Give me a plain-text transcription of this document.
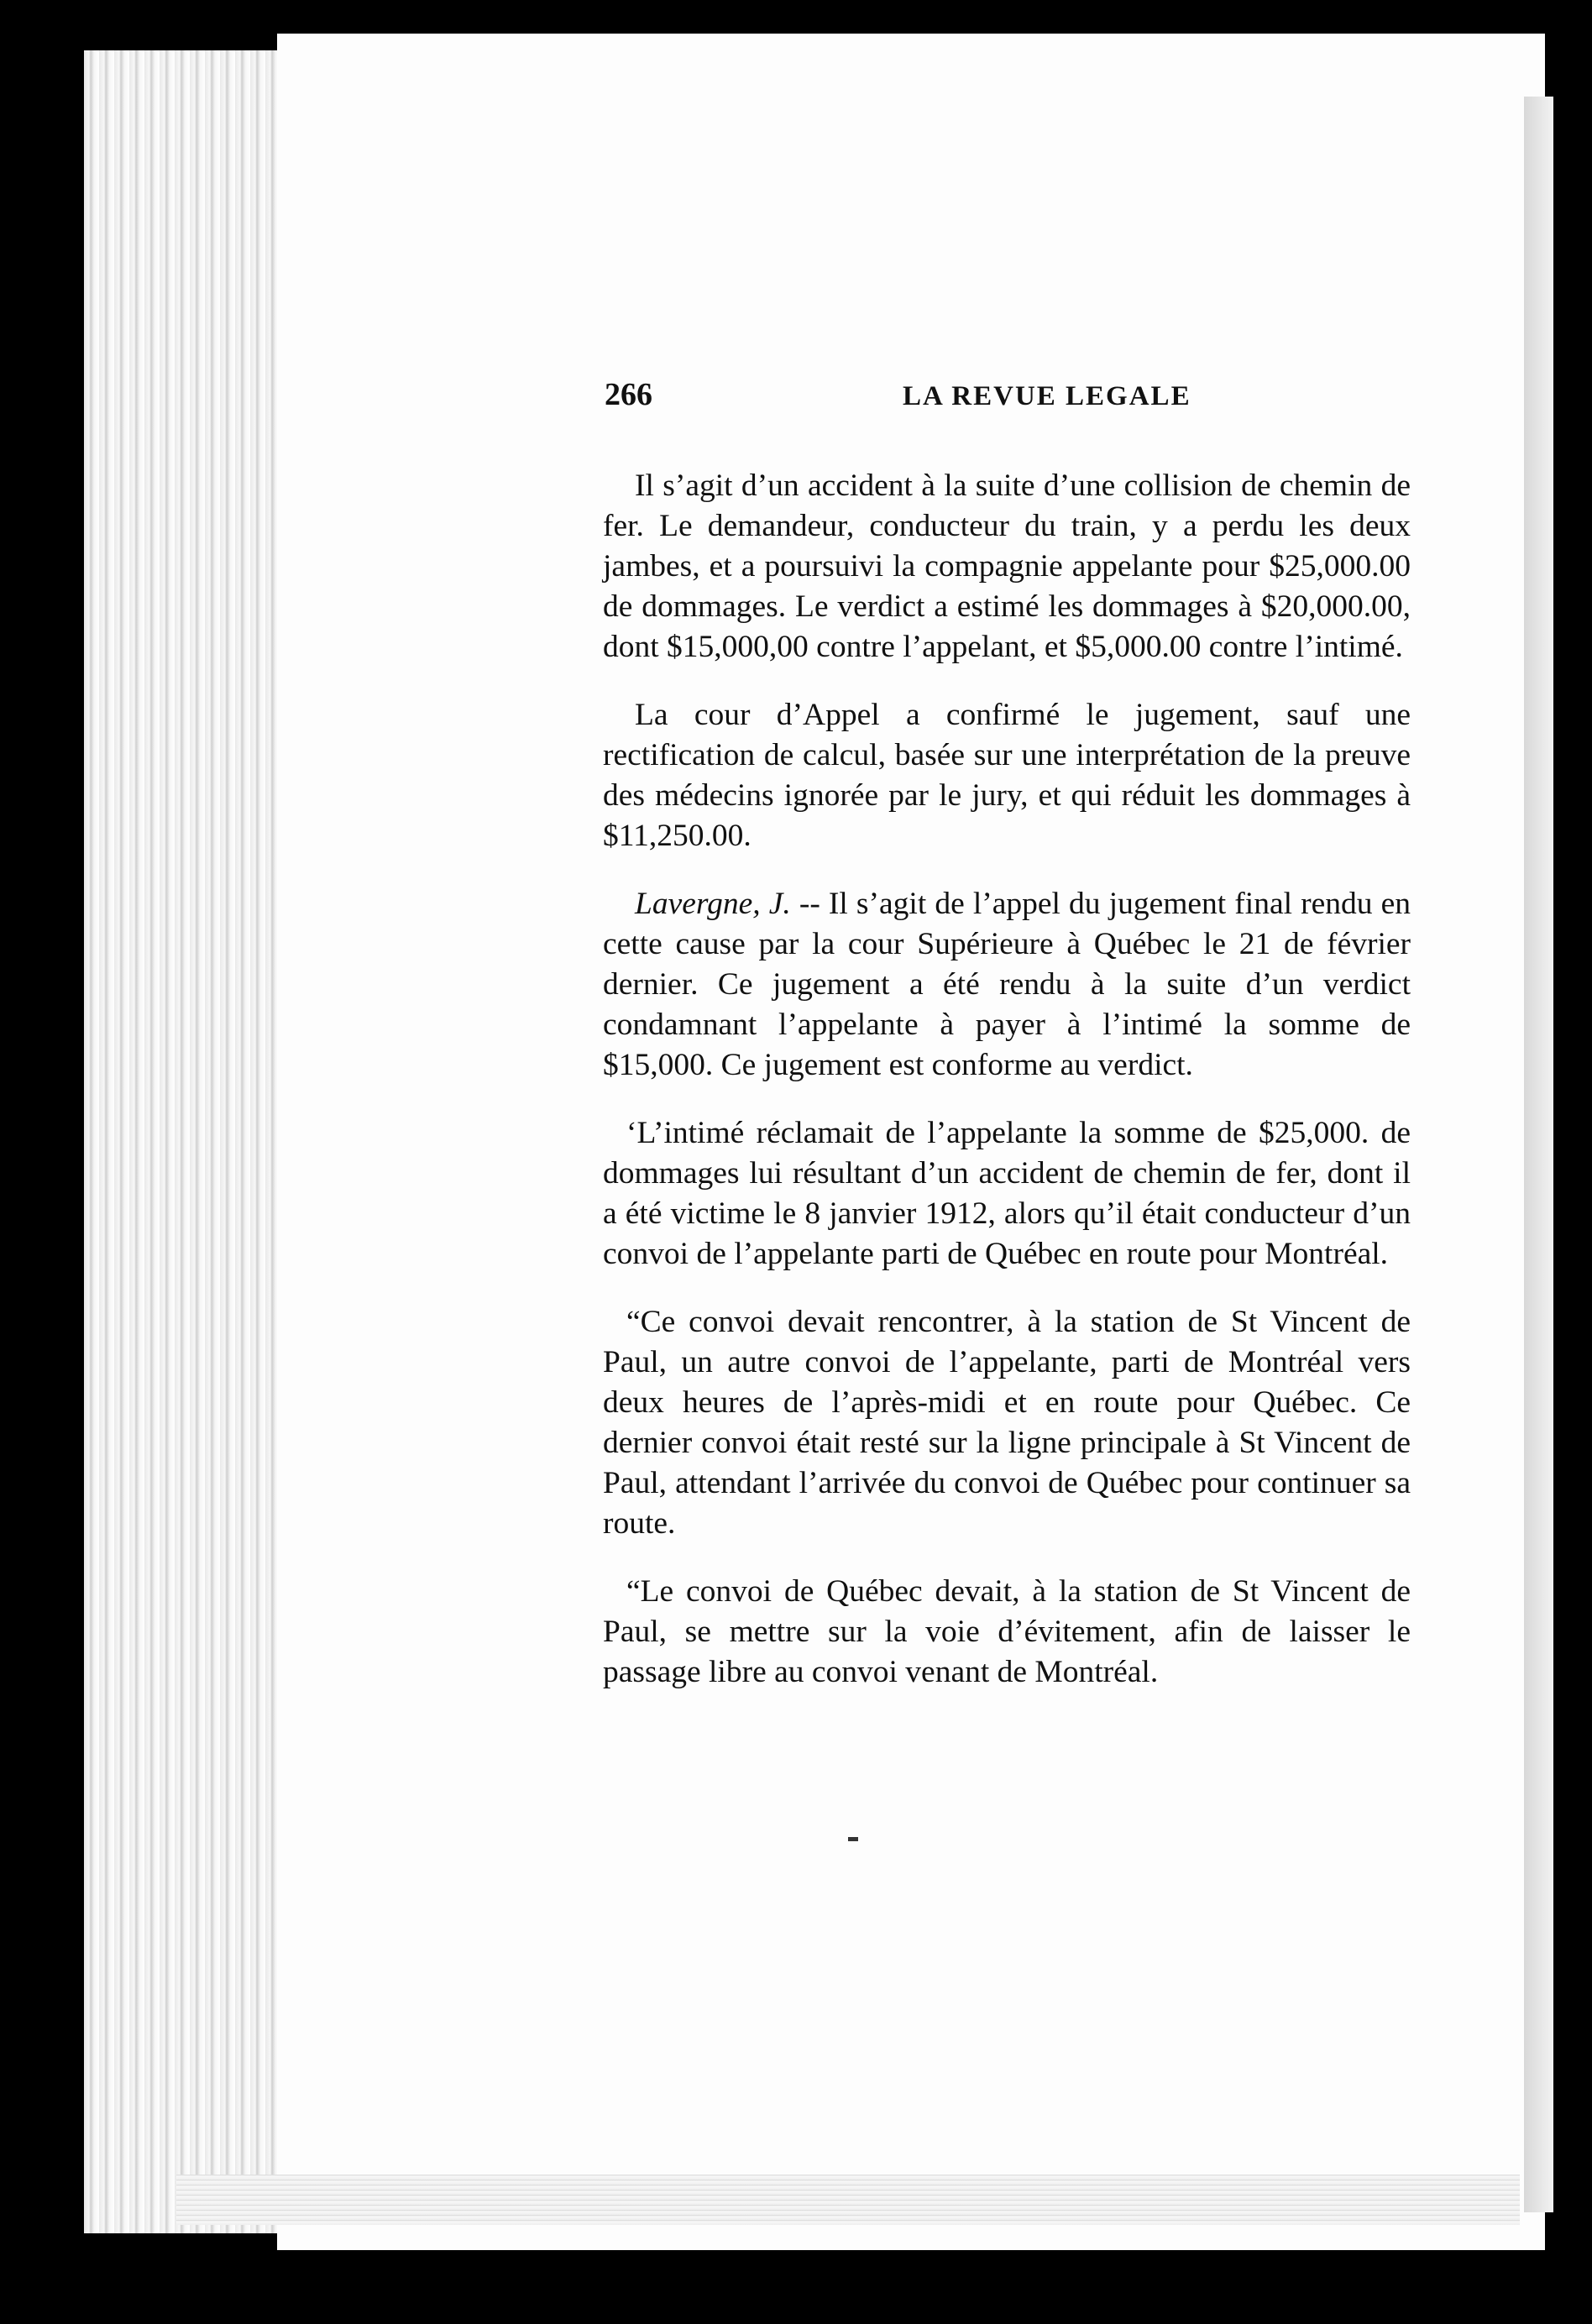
266	LA REVUE LEGALE

Il s’agit d’un accident à la suite d’une collision de chemin de fer. Le demandeur, conducteur du train, y a perdu les deux jambes, et a poursuivi la compagnie appelante pour $25,000.00 de dommages. Le verdict a estimé les dommages à $20,000.00, dont $15,000,00 contre l’appelant, et $5,000.00 contre l’intimé.

La cour d’Appel a confirmé le jugement, sauf une rectification de calcul, basée sur une interprétation de la preuve des médecins ignorée par le jury, et qui réduit les dommages à $11,250.00.

Lavergne, J. -- Il s’agit de l’appel du jugement final rendu en cette cause par la cour Supérieure à Québec le 21 de février dernier. Ce jugement a été rendu à la suite d’un verdict condamnant l’appelante à payer à l’intimé la somme de $15,000. Ce jugement est conforme au verdict.

‘L’intimé réclamait de l’appelante la somme de $25,000. de dommages lui résultant d’un accident de chemin de fer, dont il a été victime le 8 janvier 1912, alors qu’il était conducteur d’un convoi de l’appelante parti de Québec en route pour Montréal.

“Ce convoi devait rencontrer, à la station de St Vincent de Paul, un autre convoi de l’appelante, parti de Montréal vers deux heures de l’après-midi et en route pour Québec. Ce dernier convoi était resté sur la ligne principale à St Vincent de Paul, attendant l’arrivée du convoi de Québec pour continuer sa route.

“Le convoi de Québec devait, à la station de St Vincent de Paul, se mettre sur la voie d’évitement, afin de laisser le passage libre au convoi venant de Montréal.
